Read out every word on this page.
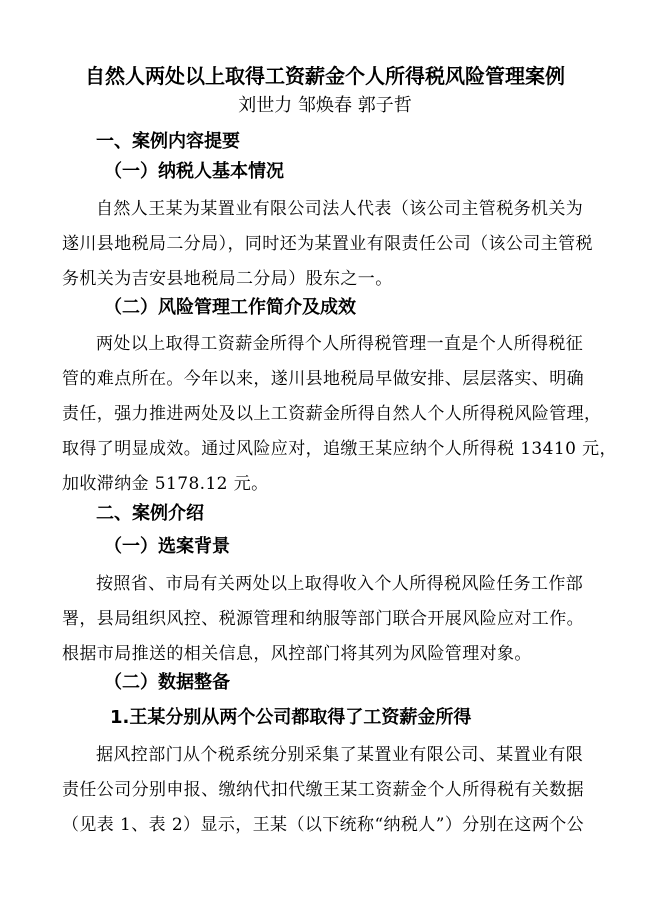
自然人两处以上取得工资薪金个人所得税风险管理案例
刘世力 邹焕春 郭子哲
一、案例内容提要
（一）纳税人基本情况
自然人王某为某置业有限公司法人代表（该公司主管税务机关为
遂川县地税局二分局），同时还为某置业有限责任公司（该公司主管税
务机关为吉安县地税局二分局）股东之一。
（二）风险管理工作简介及成效
两处以上取得工资薪金所得个人所得税管理一直是个人所得税征
管的难点所在。今年以来，遂川县地税局早做安排、层层落实、明确
责任，强力推进两处及以上工资薪金所得自然人个人所得税风险管理，
取得了明显成效。通过风险应对，追缴王某应纳个人所得税 13410 元，
加收滞纳金 5178.12 元。
二、案例介绍
（一）选案背景
按照省、市局有关两处以上取得收入个人所得税风险任务工作部
署，县局组织风控、税源管理和纳服等部门联合开展风险应对工作。
根据市局推送的相关信息，风控部门将其列为风险管理对象。
（二）数据整备
1.王某分别从两个公司都取得了工资薪金所得
据风控部门从个税系统分别采集了某置业有限公司、某置业有限
责任公司分别申报、缴纳代扣代缴王某工资薪金个人所得税有关数据
（见表 1、表 2）显示，王某（以下统称“纳税人”）分别在这两个公
